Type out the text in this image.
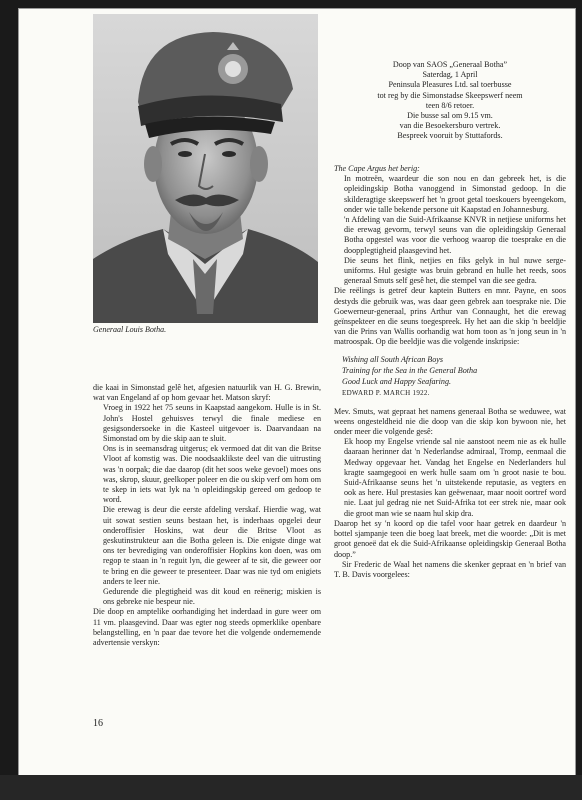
Generaal Louis Botha.
Doop van SAOS „Generaal Botha”
Saterdag, 1 April
Peninsula Pleasures Ltd. sal toerbusse
tot reg by die Simonstadse Skeepswerf neem
teen 8/6 retoer.
Die busse sal om 9.15 vm.
van die Besoekersburo vertrek.
Bespreek vooruit by Stuttafords.

die kaai in Simonstad gelê het, afgesien natuurlik van H. G. Brewin, wat van Engeland af op hom gevaar het. Matson skryf:

Vroeg in 1922 het 75 seuns in Kaapstad aangekom. Hulle is in St. John's Hostel gehuisves terwyl die finale mediese en gesigsondersoeke in die Kasteel uitgevoer is. Daarvandaan na Simonstad om by die skip aan te sluit.

Ons is in seemansdrag uitgerus; ek vermoed dat dit van die Britse Vloot af komstig was. Die noodsaaklikste deel van die uitrusting was 'n oorpak; die dae daarop (dit het soos weke gevoel) moes ons was, skrop, skuur, geelkoper poleer en die ou skip verf om hom om te skep in iets wat lyk na 'n opleidingskip gereed om gedoop te word.

Die erewag is deur die eerste afdeling verskaf. Hierdie wag, wat uit sowat sestien seuns bestaan het, is inderhaas opgelei deur onderoffisier Hoskins, wat deur die Britse Vloot as geskutinstrukteur aan die Botha geleen is. Die enigste dinge wat ons ter bevrediging van onderoffisier Hopkins kon doen, was om regop te staan in 'n reguit lyn, die geweer af te sit, die geweer oor te bring en die geweer te presenteer. Daar was nie tyd om enigiets anders te leer nie.

Gedurende die plegtigheid was dit koud en reënerig; miskien is ons gebreke nie bespeur nie.

Die doop en amptelike oorhandiging het inderdaad in gure weer om 11 vm. plaasgevind. Daar was egter nog steeds opmerklike openbare belangstelling, en 'n paar dae tevore het die volgende ondernemende advertensie verskyn:

The Cape Argus het berig:

In motreën, waardeur die son nou en dan gebreek het, is die opleidingskip Botha vanoggend in Simonstad gedoop. In die skilderagtige skeepswerf het 'n groot getal toeskouers byeengekom, onder wie talle bekende persone uit Kaapstad en Johannesburg.

'n Afdeling van die Suid-Afrikaanse KNVR in netjiese uniforms het die erewag gevorm, terwyl seuns van die opleidingskip Generaal Botha opgestel was voor die verhoog waarop die toesprake en die doopplegtigheid plaasgevind het.

Die seuns het flink, netjies en fiks gelyk in hul nuwe serge-uniforms. Hul gesigte was bruin gebrand en hulle het reeds, soos generaal Smuts self gesê het, die stempel van die see gedra.

Die reëlings is getref deur kaptein Butters en mnr. Payne, en soos destyds die gebruik was, was daar geen gebrek aan toesprake nie. Die Goewerneur-generaal, prins Arthur van Connaught, het die erewag geïnspekteer en die seuns toegespreek. Hy het aan die skip 'n beeldjie van die Prins van Wallis oorhandig wat hom toon as 'n jong seun in 'n matroospak. Op die beeldjie was die volgende inskripsie:

Wishing all South African Boys
Training for the Sea in the General Botha
Good Luck and Happy Seafaring.
EDWARD P. MARCH 1922.

Mev. Smuts, wat gepraat het namens generaal Botha se weduwee, wat weens ongesteldheid nie die doop van die skip kon bywoon nie, het onder meer die volgende gesê:

Ek hoop my Engelse vriende sal nie aanstoot neem nie as ek hulle daaraan herinner dat 'n Nederlandse admiraal, Tromp, eenmaal die Medway opgevaar het. Vandag het Engelse en Nederlanders hul kragte saamgegooi en werk hulle saam om 'n groot nasie te bou. Suid-Afrikaanse seuns het 'n uitstekende reputasie, as vegters en ook as here. Hul prestasies kan geëwenaar, maar nooit oortref word nie. Laat jul gedrag nie net Suid-Afrika tot eer strek nie, maar ook die groot man wie se naam hul skip dra.

Daarop het sy 'n koord op die tafel voor haar getrek en daardeur 'n bottel sjampanje teen die boeg laat breek, met die woorde: „Dit is met groot genoeë dat ek die Suid-Afrikaanse opleidingskip Generaal Botha doop.”

Sir Frederic de Waal het namens die skenker gepraat en 'n brief van T. B. Davis voorgelees:

16
